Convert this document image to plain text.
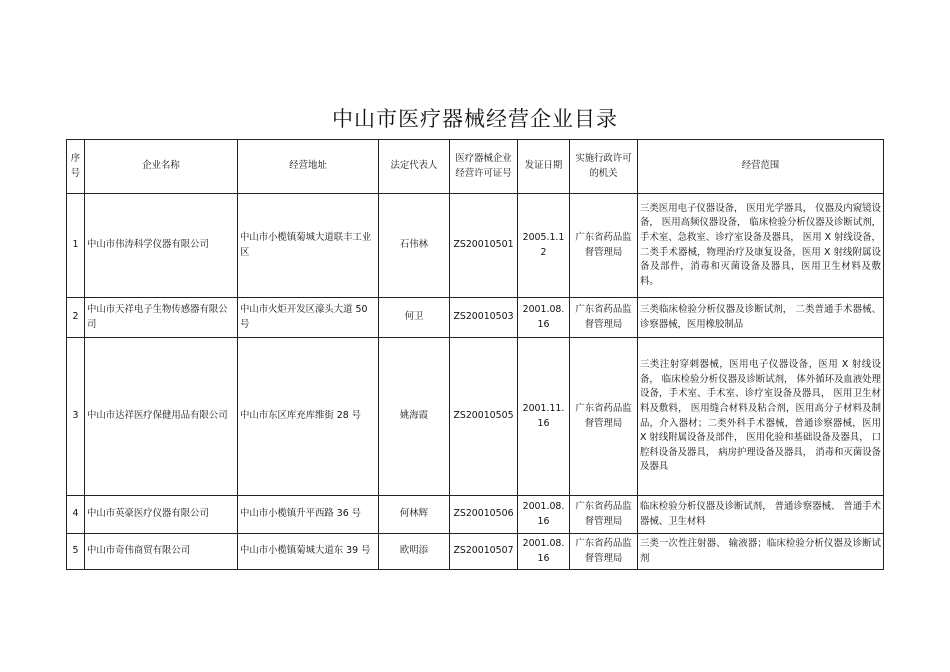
中山市医疗器械经营企业目录
序号	企业名称	经营地址	法定代表人	医疗器械企业经营许可证号	发证日期	实施行政许可的机关	经营范围
1	中山市伟涛科学仪器有限公司	中山市小榄镇菊城大道联丰工业区	石伟林	ZS20010501	2005.1.12	广东省药品监督管理局	三类医用电子仪器设备， 医用光学器具， 仪器及内窥镜设备， 医用高频仪器设备， 临床检验分析仪器及诊断试剂， 手术室、急救室、诊疗室设备及器具， 医用 X 射线设备，二类手术器械，物理治疗及康复设备，医用 X 射线附属设备及部件，消毒和灭菌设备及器具，医用卫生材料及敷料。
2	中山市天祥电子生物传感器有限公司	中山市火炬开发区濠头大道 50 号	何卫	ZS20010503	2001.08.16	广东省药品监督管理局	三类临床检验分析仪器及诊断试剂， 二类普通手术器械、诊察器械，医用橡胶制品
3	中山市达祥医疗保健用品有限公司	中山市东区库充库维街 28 号	姚海霞	ZS20010505	2001.11.16	广东省药品监督管理局	三类注射穿刺器械，医用电子仪器设备，医用 X 射线设备， 临床检验分析仪器及诊断试剂， 体外循环及血液处理设备，手术室、手术室、诊疗室设备及器具， 医用卫生材料及敷料， 医用缝合材料及粘合剂，医用高分子材料及制品，介入器材；二类外科手术器械，普通诊察器械，医用 X 射线附属设备及部件， 医用化验和基础设备及器具， 口腔科设备及器具， 病房护理设备及器具， 消毒和灭菌设备及器具
4	中山市英豪医疗仪器有限公司	中山市小榄镇升平西路 36 号	何林辉	ZS20010506	2001.08.16	广东省药品监督管理局	临床检验分析仪器及诊断试剂， 普通诊察器械、 普通手术器械、卫生材料
5	中山市奇伟商贸有限公司	中山市小榄镇菊城大道东 39 号	欧明添	ZS20010507	2001.08.16	广东省药品监督管理局	三类一次性注射器、 输液器；临床检验分析仪器及诊断试剂
